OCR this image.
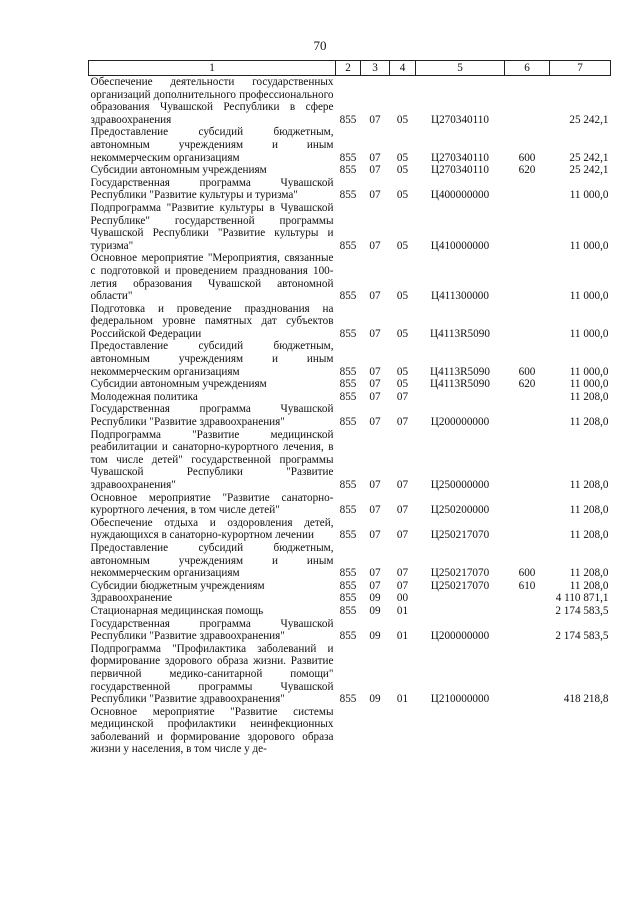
70
1	2	3	4	5	6	7
Обеспечение деятельности государственных организаций дополнительного профессионального образования Чувашской Республики в сфере здравоохранения	855	07	05	Ц270340110		25 242,1
Предоставление субсидий бюджетным, автономным учреждениям и иным некоммерческим организациям	855	07	05	Ц270340110	600	25 242,1
Субсидии автономным учреждениям	855	07	05	Ц270340110	620	25 242,1
Государственная программа Чувашской Республики "Развитие культуры и туризма"	855	07	05	Ц400000000		11 000,0
Подпрограмма "Развитие культуры в Чувашской Республике" государственной программы Чувашской Республики "Развитие культуры и туризма"	855	07	05	Ц410000000		11 000,0
Основное мероприятие "Мероприятия, связанные с подготовкой и проведением празднования 100-летия образования Чувашской автономной области"	855	07	05	Ц411300000		11 000,0
Подготовка и проведение празднования на федеральном уровне памятных дат субъектов Российской Федерации	855	07	05	Ц4113R5090		11 000,0
Предоставление субсидий бюджетным, автономным учреждениям и иным некоммерческим организациям	855	07	05	Ц4113R5090	600	11 000,0
Субсидии автономным учреждениям	855	07	05	Ц4113R5090	620	11 000,0
Молодежная политика	855	07	07			11 208,0
Государственная программа Чувашской Республики "Развитие здравоохранения"	855	07	07	Ц200000000		11 208,0
Подпрограмма "Развитие медицинской реабилитации и санаторно-курортного лечения, в том числе детей" государственной программы Чувашской Республики "Развитие здравоохранения"	855	07	07	Ц250000000		11 208,0
Основное мероприятие "Развитие санаторно-курортного лечения, в том числе детей"	855	07	07	Ц250200000		11 208,0
Обеспечение отдыха и оздоровления детей, нуждающихся в санаторно-курортном лечении	855	07	07	Ц250217070		11 208,0
Предоставление субсидий бюджетным, автономным учреждениям и иным некоммерческим организациям	855	07	07	Ц250217070	600	11 208,0
Субсидии бюджетным учреждениям	855	07	07	Ц250217070	610	11 208,0
Здравоохранение	855	09	00			4 110 871,1
Стационарная медицинская помощь	855	09	01			2 174 583,5
Государственная программа Чувашской Республики "Развитие здравоохранения"	855	09	01	Ц200000000		2 174 583,5
Подпрограмма "Профилактика заболеваний и формирование здорового образа жизни. Развитие первичной медико-санитарной помощи" государственной программы Чувашской Республики "Развитие здравоохранения"	855	09	01	Ц210000000		418 218,8
Основное мероприятие "Развитие системы медицинской профилактики неинфекционных заболеваний и формирование здорового образа жизни у населения, в том числе у де-						
